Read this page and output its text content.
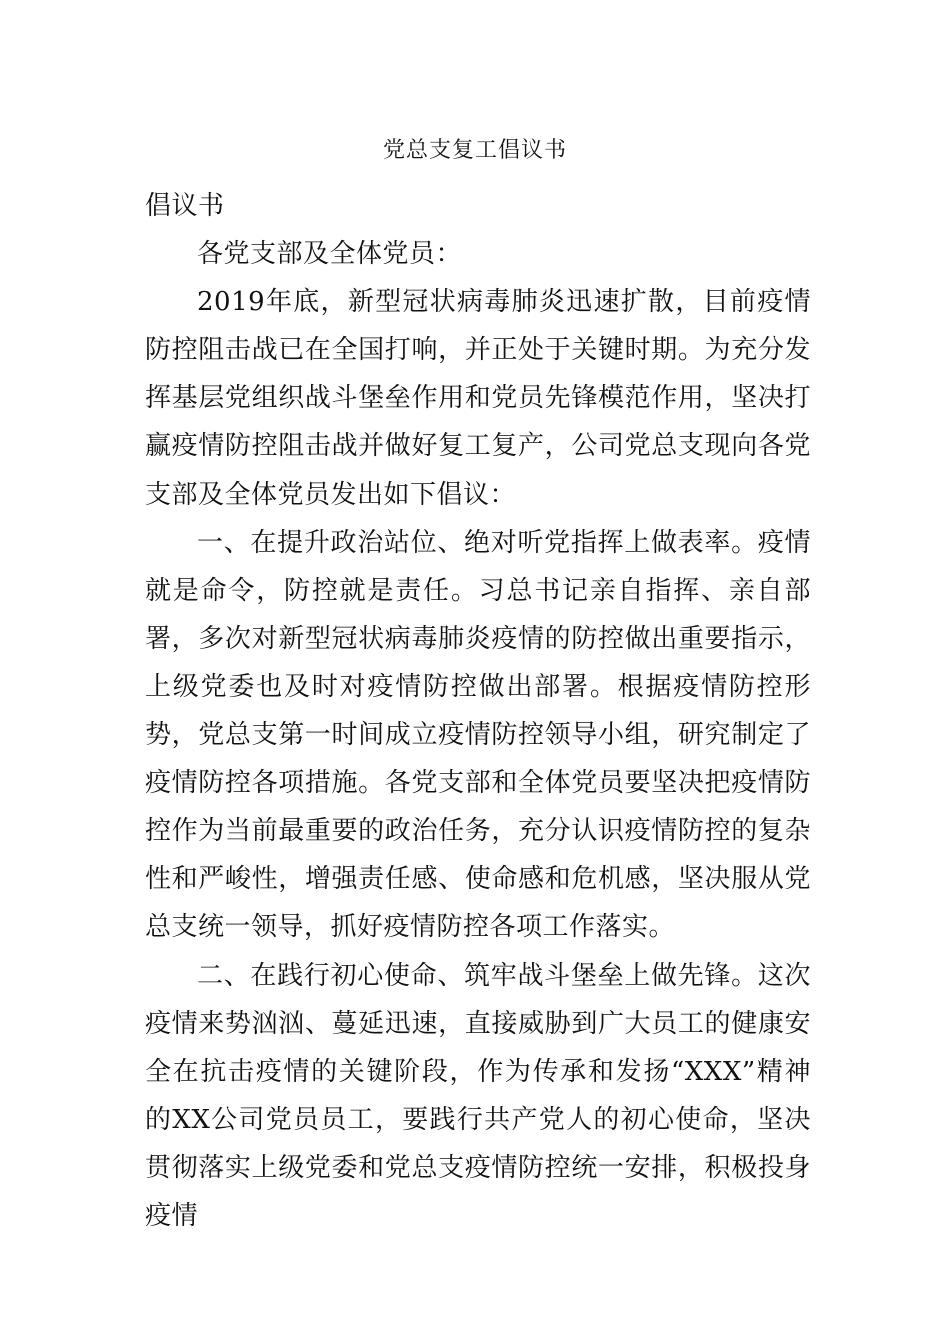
党总支复工倡议书

倡议书

各党支部及全体党员：

2019年底，新型冠状病毒肺炎迅速扩散，目前疫情防控阻击战已在全国打响，并正处于关键时期。为充分发挥基层党组织战斗堡垒作用和党员先锋模范作用，坚决打赢疫情防控阻击战并做好复工复产，公司党总支现向各党支部及全体党员发出如下倡议：

一、在提升政治站位、绝对听党指挥上做表率。疫情就是命令，防控就是责任。习总书记亲自指挥、亲自部署，多次对新型冠状病毒肺炎疫情的防控做出重要指示，上级党委也及时对疫情防控做出部署。根据疫情防控形势，党总支第一时间成立疫情防控领导小组，研究制定了疫情防控各项措施。各党支部和全体党员要坚决把疫情防控作为当前最重要的政治任务，充分认识疫情防控的复杂性和严峻性，增强责任感、使命感和危机感，坚决服从党总支统一领导，抓好疫情防控各项工作落实。

二、在践行初心使命、筑牢战斗堡垒上做先锋。这次疫情来势汹汹、蔓延迅速，直接威胁到广大员工的健康安全在抗击疫情的关键阶段，作为传承和发扬“XXX”精神的XX公司党员员工，要践行共产党人的初心使命，坚决贯彻落实上级党委和党总支疫情防控统一安排，积极投身疫情
